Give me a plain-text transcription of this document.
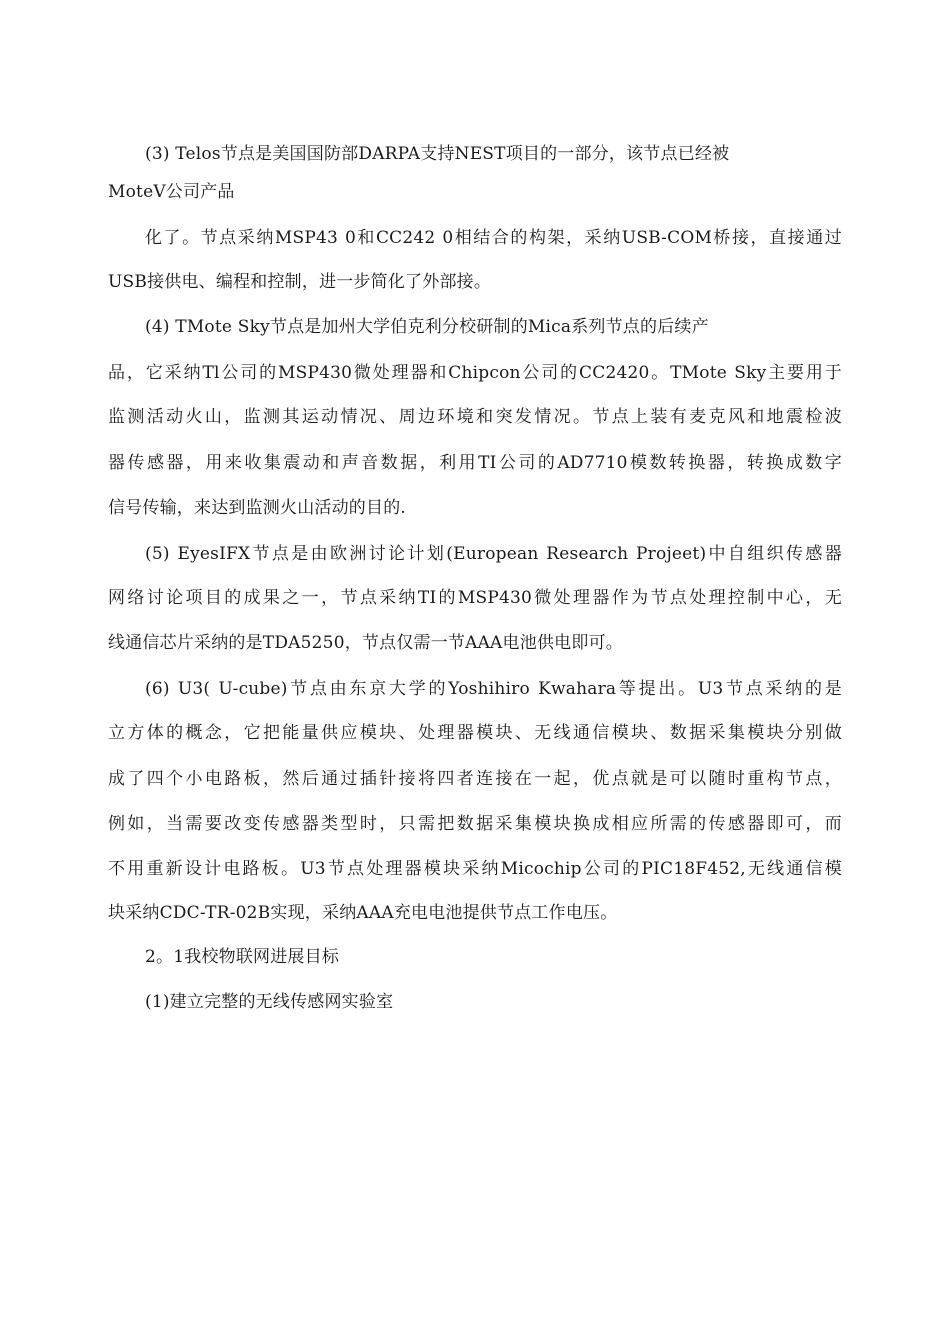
(3) Telos节点是美国国防部DARPA支持NEST项目的一部分，该节点已经被
MoteV公司产品
化了。节点采纳MSP43 0和CC242 0相结合的构架，采纳USB-COM桥接，直接通过
USB接供电、编程和控制，进一步简化了外部接。
(4) TMote Sky节点是加州大学伯克利分校研制的Mica系列节点的后续产
品，它采纳Tl公司的MSP430微处理器和Chipcon公司的CC2420。TMote Sky主要用于
监测活动火山，监测其运动情况、周边环境和突发情况。节点上装有麦克风和地震检波
器传感器，用来收集震动和声音数据，利用TI公司的AD7710模数转换器，转换成数字
信号传输，来达到监测火山活动的目的.
(5) EyesIFX节点是由欧洲讨论计划(European Research Projeet)中自组织传感器
网络讨论项目的成果之一，节点采纳TI的MSP430微处理器作为节点处理控制中心，无
线通信芯片采纳的是TDA5250，节点仅需一节AAA电池供电即可。
(6) U3( U-cube)节点由东京大学的Yoshihiro Kwahara等提出。U3节点采纳的是
立方体的概念，它把能量供应模块、处理器模块、无线通信模块、数据采集模块分别做
成了四个小电路板，然后通过插针接将四者连接在一起，优点就是可以随时重构节点，
例如，当需要改变传感器类型时，只需把数据采集模块换成相应所需的传感器即可，而
不用重新设计电路板。U3节点处理器模块采纳Micochip公司的PIC18F452,无线通信模
块采纳CDC-TR-02B实现，采纳AAA充电电池提供节点工作电压。
2。1我校物联网进展目标
(1)建立完整的无线传感网实验室
